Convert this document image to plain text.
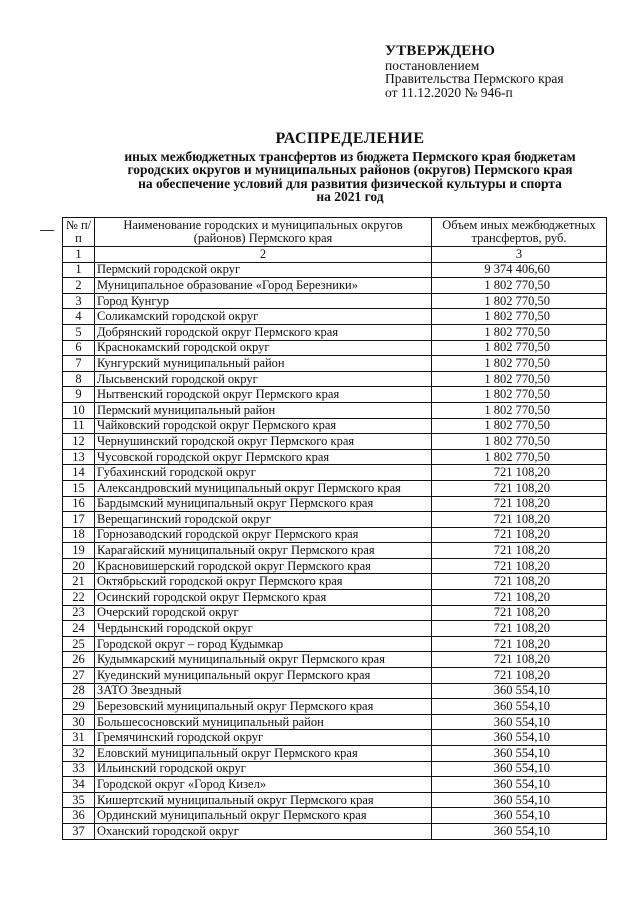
УТВЕРЖДЕНО
постановлением
Правительства Пермского края
от 11.12.2020 № 946-п
РАСПРЕДЕЛЕНИЕ
иных межбюджетных трансфертов из бюджета Пермского края бюджетам
городских округов и муниципальных районов (округов) Пермского края
на обеспечение условий для развития физической культуры и спорта
на 2021 год
№ п/п	Наименование городских и муниципальных округов (районов) Пермского края	Объем иных межбюджетных трансфертов, руб.
1	2	3
1	Пермский городской округ	9 374 406,60
2	Муниципальное образование «Город Березники»	1 802 770,50
3	Город Кунгур	1 802 770,50
4	Соликамский городской округ	1 802 770,50
5	Добрянский городской округ Пермского края	1 802 770,50
6	Краснокамский городской округ	1 802 770,50
7	Кунгурский муниципальный район	1 802 770,50
8	Лысьвенский городской округ	1 802 770,50
9	Нытвенский городской округ Пермского края	1 802 770,50
10	Пермский муниципальный район	1 802 770,50
11	Чайковский городской округ Пермского края	1 802 770,50
12	Чернушинский городской округ Пермского края	1 802 770,50
13	Чусовской городской округ Пермского края	1 802 770,50
14	Губахинский городской округ	721 108,20
15	Александровский муниципальный округ Пермского края	721 108,20
16	Бардымский муниципальный округ Пермского края	721 108,20
17	Верещагинский городской округ	721 108,20
18	Горнозаводский городской округ Пермского края	721 108,20
19	Карагайский муниципальный округ Пермского края	721 108,20
20	Красновишерский городской округ Пермского края	721 108,20
21	Октябрьский городской округ Пермского края	721 108,20
22	Осинский городской округ Пермского края	721 108,20
23	Очерский городской округ	721 108,20
24	Чердынский городской округ	721 108,20
25	Городской округ – город Кудымкар	721 108,20
26	Кудымкарский муниципальный округ Пермского края	721 108,20
27	Куединский муниципальный округ Пермского края	721 108,20
28	ЗАТО Звездный	360 554,10
29	Березовский муниципальный округ Пермского края	360 554,10
30	Большесосновский муниципальный район	360 554,10
31	Гремячинский городской округ	360 554,10
32	Еловский муниципальный округ Пермского края	360 554,10
33	Ильинский городской округ	360 554,10
34	Городской округ «Город Кизел»	360 554,10
35	Кишертский муниципальный округ Пермского края	360 554,10
36	Ординский муниципальный округ Пермского края	360 554,10
37	Оханский городской округ	360 554,10
